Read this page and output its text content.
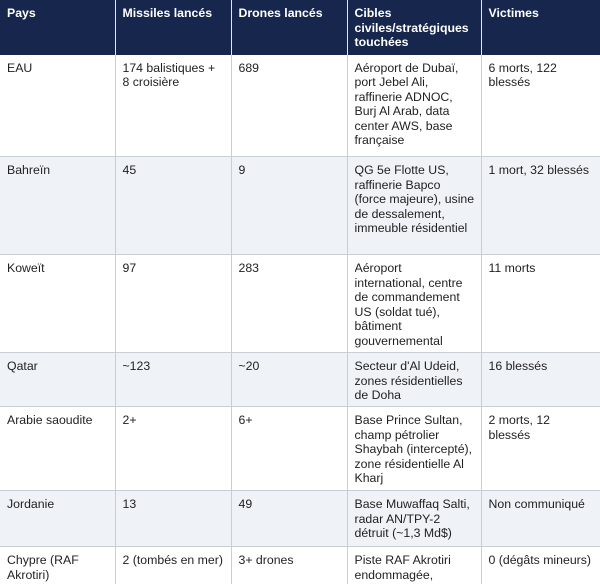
Pays	Missiles lancés	Drones lancés	Cibles civiles/stratégiques touchées	Victimes
EAU	174 balistiques + 8 croisière	689	Aéroport de Dubaï, port Jebel Ali, raffinerie ADNOC, Burj Al Arab, data center AWS, base française	6 morts, 122 blessés
Bahreïn	45	9	QG 5e Flotte US, raffinerie Bapco (force majeure), usine de dessalement, immeuble résidentiel	1 mort, 32 blessés
Koweït	97	283	Aéroport international, centre de commandement US (soldat tué), bâtiment gouvernemental	11 morts
Qatar	~123	~20	Secteur d'Al Udeid, zones résidentielles de Doha	16 blessés
Arabie saoudite	2+	6+	Base Prince Sultan, champ pétrolier Shaybah (intercepté), zone résidentielle Al Kharj	2 morts, 12 blessés
Jordanie	13	49	Base Muwaffaq Salti, radar AN/TPY-2 détruit (~1,3 Md$)	Non communiqué
Chypre (RAF Akrotiri)	2 (tombés en mer)	3+ drones	Piste RAF Akrotiri endommagée,	0 (dégâts mineurs)
